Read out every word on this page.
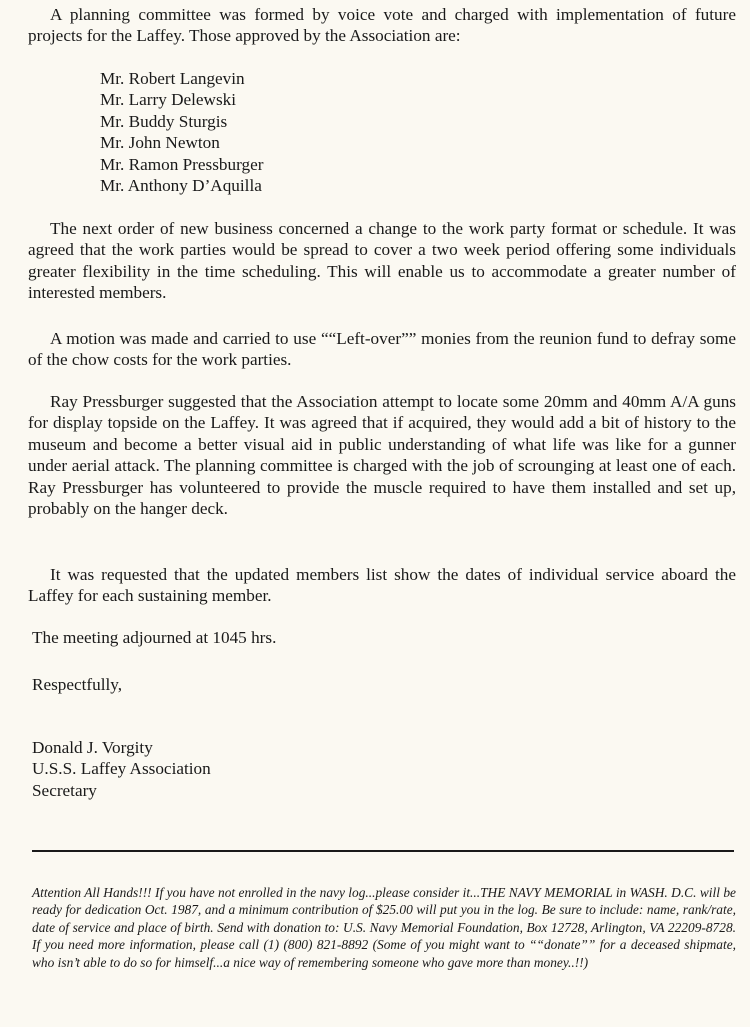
A planning committee was formed by voice vote and charged with implementation of future projects for the Laffey. Those approved by the Association are:

Mr. Robert Langevin
Mr. Larry Delewski
Mr. Buddy Sturgis
Mr. John Newton
Mr. Ramon Pressburger
Mr. Anthony D’Aquilla

The next order of new business concerned a change to the work party format or schedule. It was agreed that the work parties would be spread to cover a two week period offering some individuals greater flexibility in the time scheduling. This will enable us to accommodate a greater number of interested members.

A motion was made and carried to use ““Left-over”” monies from the reunion fund to defray some of the chow costs for the work parties.

Ray Pressburger suggested that the Association attempt to locate some 20mm and 40mm A/A guns for display topside on the Laffey. It was agreed that if acquired, they would add a bit of history to the museum and become a better visual aid in public understanding of what life was like for a gunner under aerial attack. The planning committee is charged with the job of scrounging at least one of each. Ray Pressburger has volunteered to provide the muscle required to have them installed and set up, probably on the hanger deck.

It was requested that the updated members list show the dates of individual service aboard the Laffey for each sustaining member.

The meeting adjourned at 1045 hrs.

Respectfully,

Donald J. Vorgity
U.S.S. Laffey Association
Secretary

Attention All Hands!!! If you have not enrolled in the navy log...please consider it...THE NAVY MEMORIAL in WASH. D.C. will be ready for dedication Oct. 1987, and a minimum contribution of $25.00 will put you in the log. Be sure to include: name, rank/rate, date of service and place of birth. Send with donation to: U.S. Navy Memorial Foundation, Box 12728, Arlington, VA 22209-8728. If you need more information, please call (1) (800) 821-8892 (Some of you might want to ““donate”” for a deceased shipmate, who isn’t able to do so for himself...a nice way of remembering someone who gave more than money..!!)
